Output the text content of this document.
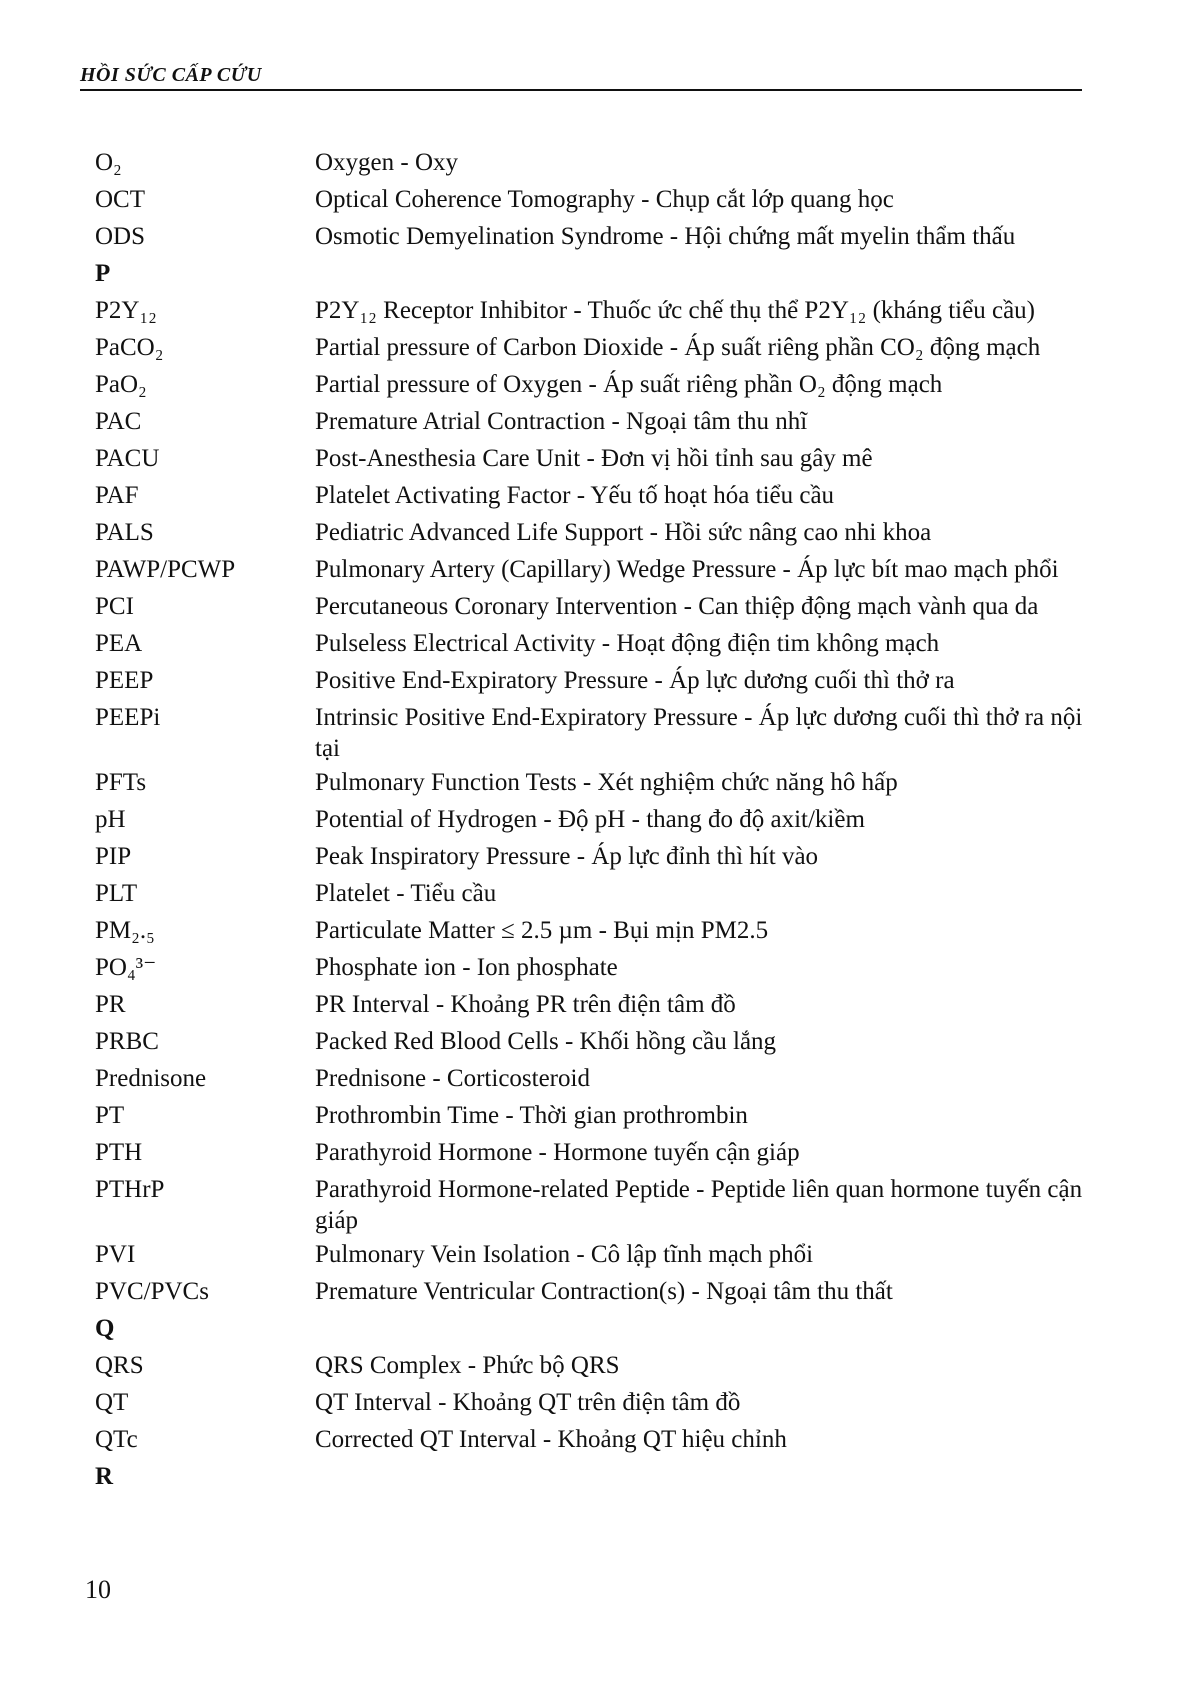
HỒI SỨC CẤP CỨU
O₂	Oxygen - Oxy
OCT	Optical Coherence Tomography - Chụp cắt lớp quang học
ODS	Osmotic Demyelination Syndrome - Hội chứng mất myelin thẩm thấu
P
P2Y₁₂	P2Y₁₂ Receptor Inhibitor - Thuốc ức chế thụ thể P2Y₁₂ (kháng tiểu cầu)
PaCO₂	Partial pressure of Carbon Dioxide - Áp suất riêng phần CO₂ động mạch
PaO₂	Partial pressure of Oxygen - Áp suất riêng phần O₂ động mạch
PAC	Premature Atrial Contraction - Ngoại tâm thu nhĩ
PACU	Post-Anesthesia Care Unit - Đơn vị hồi tỉnh sau gây mê
PAF	Platelet Activating Factor - Yếu tố hoạt hóa tiểu cầu
PALS	Pediatric Advanced Life Support - Hồi sức nâng cao nhi khoa
PAWP/PCWP	Pulmonary Artery (Capillary) Wedge Pressure - Áp lực bít mao mạch phổi
PCI	Percutaneous Coronary Intervention - Can thiệp động mạch vành qua da
PEA	Pulseless Electrical Activity - Hoạt động điện tim không mạch
PEEP	Positive End-Expiratory Pressure - Áp lực dương cuối thì thở ra
PEEPi	Intrinsic Positive End-Expiratory Pressure - Áp lực dương cuối thì thở ra nội tại
PFTs	Pulmonary Function Tests - Xét nghiệm chức năng hô hấp
pH	Potential of Hydrogen - Độ pH - thang đo độ axit/kiềm
PIP	Peak Inspiratory Pressure - Áp lực đỉnh thì hít vào
PLT	Platelet - Tiểu cầu
PM₂.₅	Particulate Matter ≤ 2.5 µm - Bụi mịn PM2.5
PO₄³⁻	Phosphate ion - Ion phosphate
PR	PR Interval - Khoảng PR trên điện tâm đồ
PRBC	Packed Red Blood Cells - Khối hồng cầu lắng
Prednisone	Prednisone - Corticosteroid
PT	Prothrombin Time - Thời gian prothrombin
PTH	Parathyroid Hormone - Hormone tuyến cận giáp
PTHrP	Parathyroid Hormone-related Peptide - Peptide liên quan hormone tuyến cận giáp
PVI	Pulmonary Vein Isolation - Cô lập tĩnh mạch phổi
PVC/PVCs	Premature Ventricular Contraction(s) - Ngoại tâm thu thất
Q
QRS	QRS Complex - Phức bộ QRS
QT	QT Interval - Khoảng QT trên điện tâm đồ
QTc	Corrected QT Interval - Khoảng QT hiệu chỉnh
R
10
